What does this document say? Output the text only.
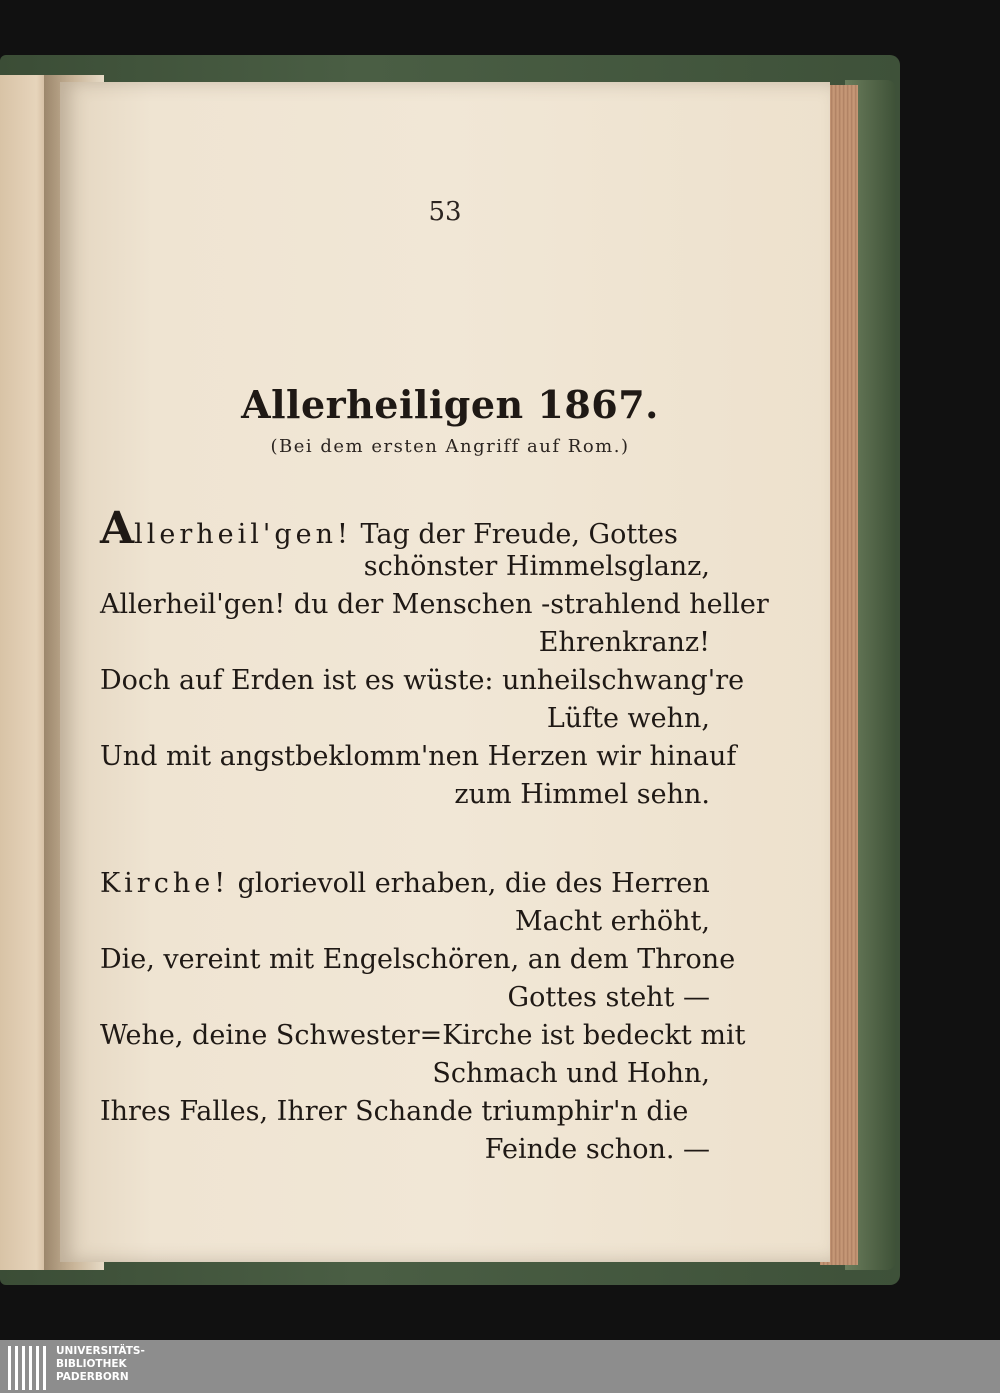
53
Allerheiligen 1867.
(Bei dem ersten Angriff auf Rom.)
Allerheil'gen! Tag der Freude, Gottes
schönster Himmelsglanz,
Allerheil'gen! du der Menschen -strahlend heller
Ehrenkranz!
Doch auf Erden ist es wüste: unheilschwang're
Lüfte wehn,
Und mit angstbeklomm'nen Herzen wir hinauf
zum Himmel sehn.
Kirche! glorievoll erhaben, die des Herren
Macht erhöht,
Die, vereint mit Engelschören, an dem Throne
Gottes steht —
Wehe, deine Schwester=Kirche ist bedeckt mit
Schmach und Hohn,
Ihres Falles, Ihrer Schande triumphir'n die
Feinde schon. —
UNIVERSITÄTS-
BIBLIOTHEK
PADERBORN
